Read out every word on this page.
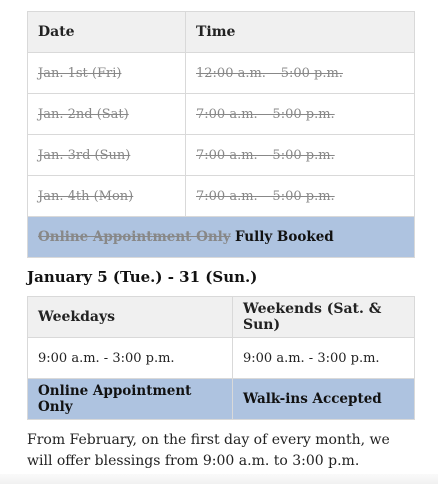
Date	Time
Jan. 1st (Fri)	12:00 a.m. – 5:00 p.m.
Jan. 2nd (Sat)	7:00 a.m. – 5:00 p.m.
Jan. 3rd (Sun)	7:00 a.m. – 5:00 p.m.
Jan. 4th (Mon)	7:00 a.m. – 5:00 p.m.
Online Appointment Only Fully Booked	
January 5 (Tue.) - 31 (Sun.)
Weekdays	Weekends (Sat. & Sun)
9:00 a.m. - 3:00 p.m.	9:00 a.m. - 3:00 p.m.
Online Appointment Only	Walk-ins Accepted
From February, on the first day of every month, we will offer blessings from 9:00 a.m. to 3:00 p.m.
